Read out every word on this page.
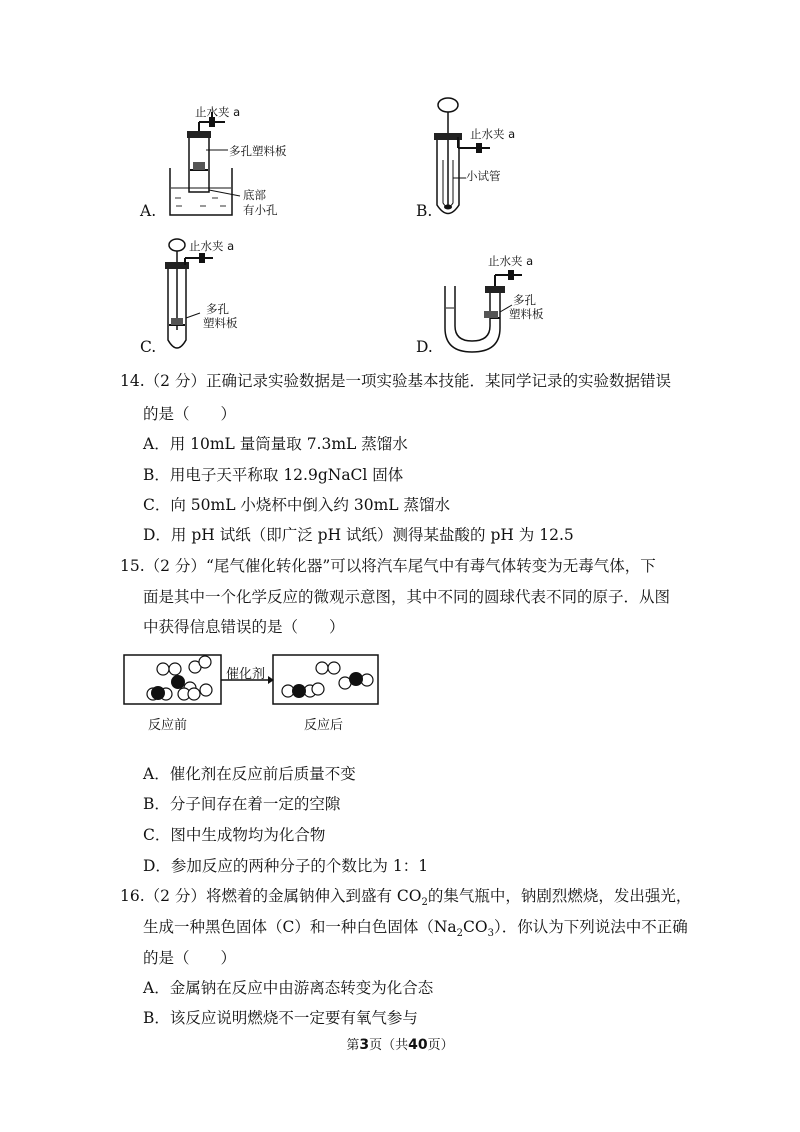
A.
止水夹 a
多孔塑料板
底部
有小孔	B.
止水夹 a
小试管
C.
止水夹 a
多孔
塑料板
D.
止水夹 a
多孔
塑料板
14.（2 分）正确记录实验数据是一项实验基本技能．某同学记录的实验数据错误
的是（　　）
A．用 10mL 量筒量取 7.3mL 蒸馏水
B．用电子天平称取 12.9gNaCl 固体
C．向 50mL 小烧杯中倒入约 30mL 蒸馏水
D．用 pH 试纸（即广泛 pH 试纸）测得某盐酸的 pH 为 12.5
15.（2 分）“尾气催化转化器”可以将汽车尾气中有毒气体转变为无毒气体，下
面是其中一个化学反应的微观示意图，其中不同的圆球代表不同的原子．从图
中获得信息错误的是（　　）
催化剂
反应前	反应后
A．催化剂在反应前后质量不变
B．分子间存在着一定的空隙
C．图中生成物均为化合物
D．参加反应的两种分子的个数比为 1：1
16.（2 分）将燃着的金属钠伸入到盛有 $CO_2$的集气瓶中，钠剧烈燃烧，发出强光，
生成一种黑色固体（C）和一种白色固体$(Na_2CO_3)$．你认为下列说法中不正确
的是（　　）
A．金属钠在反应中由游离态转变为化合态
B．该反应说明燃烧不一定要有氧气参与
第3页（共40页）
